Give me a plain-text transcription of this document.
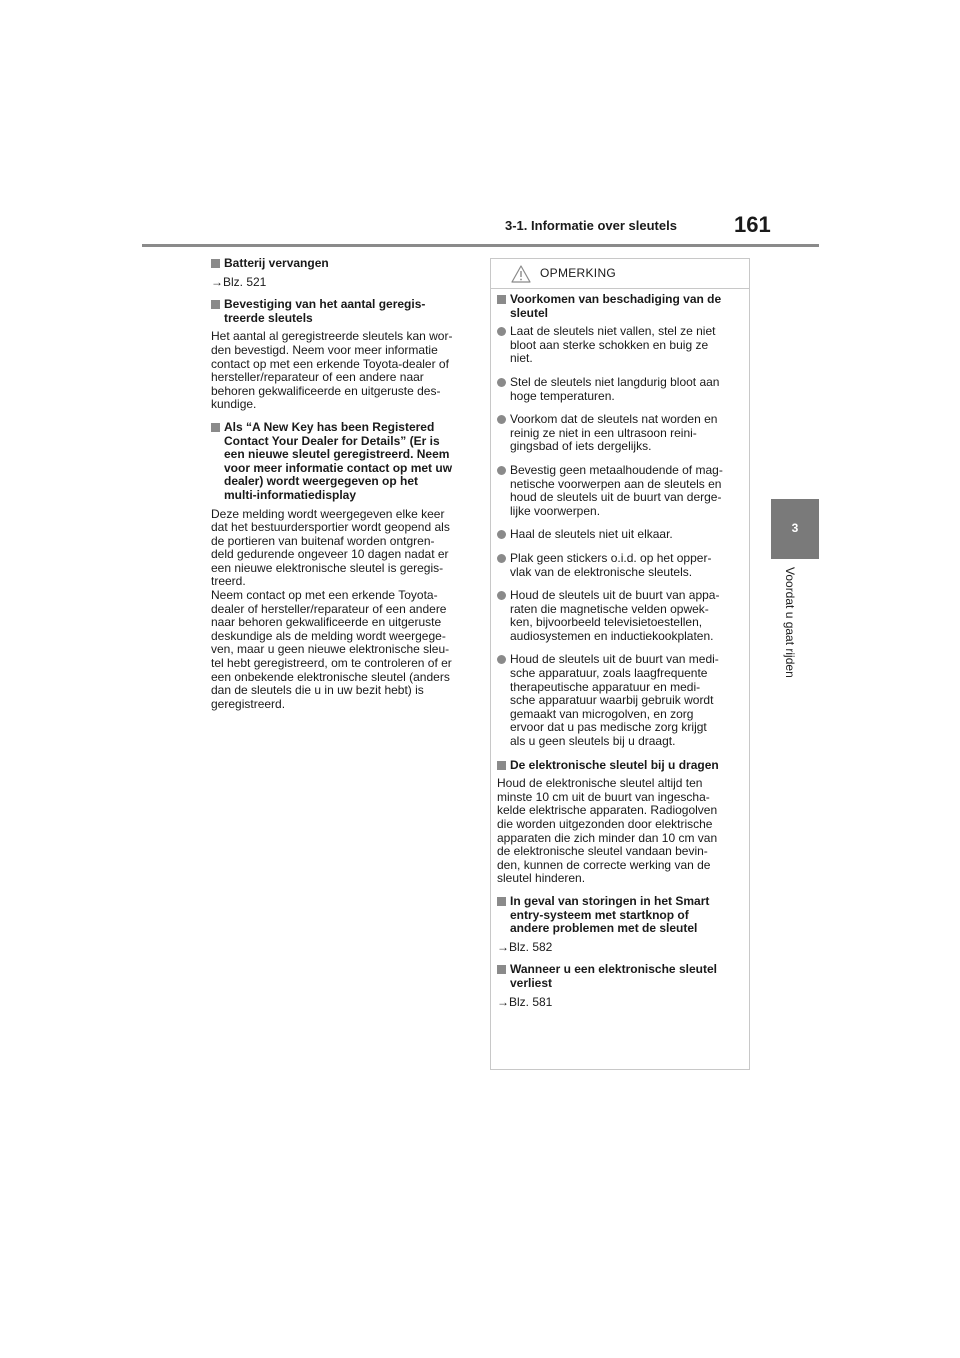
3-1. Informatie over sleutels	161
3
Voordat u gaat rijden
Batterij vervangen
→Blz. 521
Bevestiging van het aantal geregis-
treerde sleutels
Het aantal al geregistreerde sleutels kan wor-
den bevestigd. Neem voor meer informatie
contact op met een erkende Toyota-dealer of
hersteller/reparateur of een andere naar
behoren gekwalificeerde en uitgeruste des-
kundige.
Als “A New Key has been Registered
Contact Your Dealer for Details” (Er is
een nieuwe sleutel geregistreerd. Neem
voor meer informatie contact op met uw
dealer) wordt weergegeven op het
multi-informatiedisplay
Deze melding wordt weergegeven elke keer
dat het bestuurdersportier wordt geopend als
de portieren van buitenaf worden ontgren-
deld gedurende ongeveer 10 dagen nadat er
een nieuwe elektronische sleutel is geregis-
treerd.
Neem contact op met een erkende Toyota-
dealer of hersteller/reparateur of een andere
naar behoren gekwalificeerde en uitgeruste
deskundige als de melding wordt weergege-
ven, maar u geen nieuwe elektronische sleu-
tel hebt geregistreerd, om te controleren of er
een onbekende elektronische sleutel (anders
dan de sleutels die u in uw bezit hebt) is
geregistreerd.
OPMERKING
Voorkomen van beschadiging van de
sleutel
Laat de sleutels niet vallen, stel ze niet
bloot aan sterke schokken en buig ze
niet.
Stel de sleutels niet langdurig bloot aan
hoge temperaturen.
Voorkom dat de sleutels nat worden en
reinig ze niet in een ultrasoon reini-
gingsbad of iets dergelijks.
Bevestig geen metaalhoudende of mag-
netische voorwerpen aan de sleutels en
houd de sleutels uit de buurt van derge-
lijke voorwerpen.
Haal de sleutels niet uit elkaar.
Plak geen stickers o.i.d. op het opper-
vlak van de elektronische sleutels.
Houd de sleutels uit de buurt van appa-
raten die magnetische velden opwek-
ken, bijvoorbeeld televisietoestellen,
audiosystemen en inductiekookplaten.
Houd de sleutels uit de buurt van medi-
sche apparatuur, zoals laagfrequente
therapeutische apparatuur en medi-
sche apparatuur waarbij gebruik wordt
gemaakt van microgolven, en zorg
ervoor dat u pas medische zorg krijgt
als u geen sleutels bij u draagt.
De elektronische sleutel bij u dragen
Houd de elektronische sleutel altijd ten
minste 10 cm uit de buurt van ingescha-
kelde elektrische apparaten. Radiogolven
die worden uitgezonden door elektrische
apparaten die zich minder dan 10 cm van
de elektronische sleutel vandaan bevin-
den, kunnen de correcte werking van de
sleutel hinderen.
In geval van storingen in het Smart
entry-systeem met startknop of
andere problemen met de sleutel
→Blz. 582
Wanneer u een elektronische sleutel
verliest
→Blz. 581
